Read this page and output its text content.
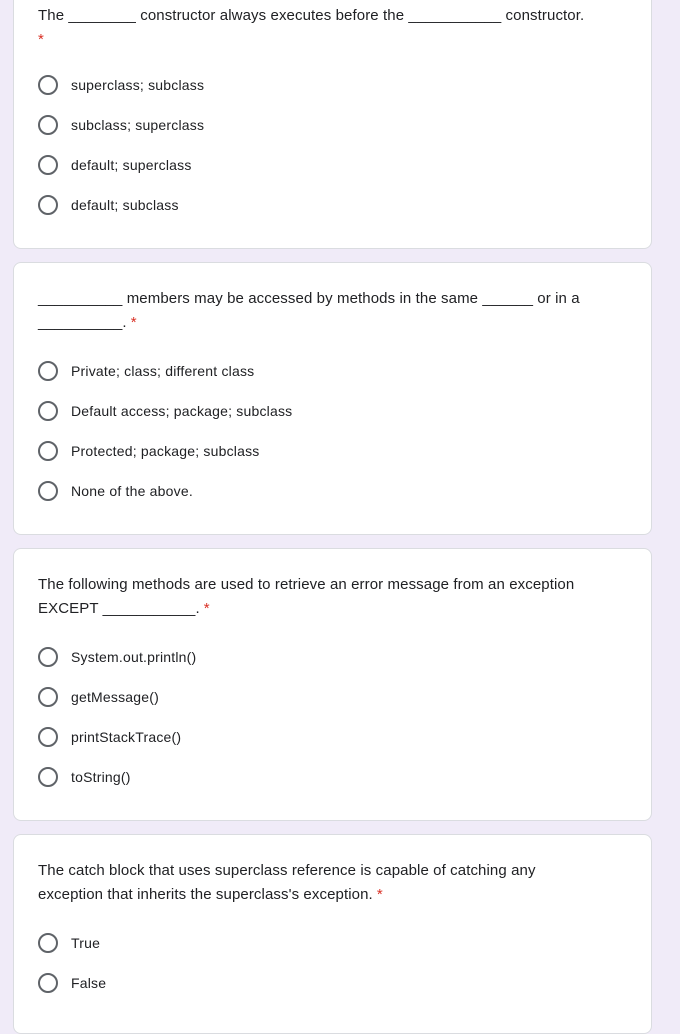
The ________ constructor always executes before the ___________ constructor.
*
superclass; subclass
subclass; superclass
default; superclass
default; subclass
__________ members may be accessed by methods in the same ______ or in a
__________. *
Private; class; different class
Default access; package; subclass
Protected; package; subclass
None of the above.
The following methods are used to retrieve an error message from an exception
EXCEPT ___________. *
System.out.println()
getMessage()
printStackTrace()
toString()
The catch block that uses superclass reference is capable of catching any
exception that inherits the superclass's exception. *
True
False
